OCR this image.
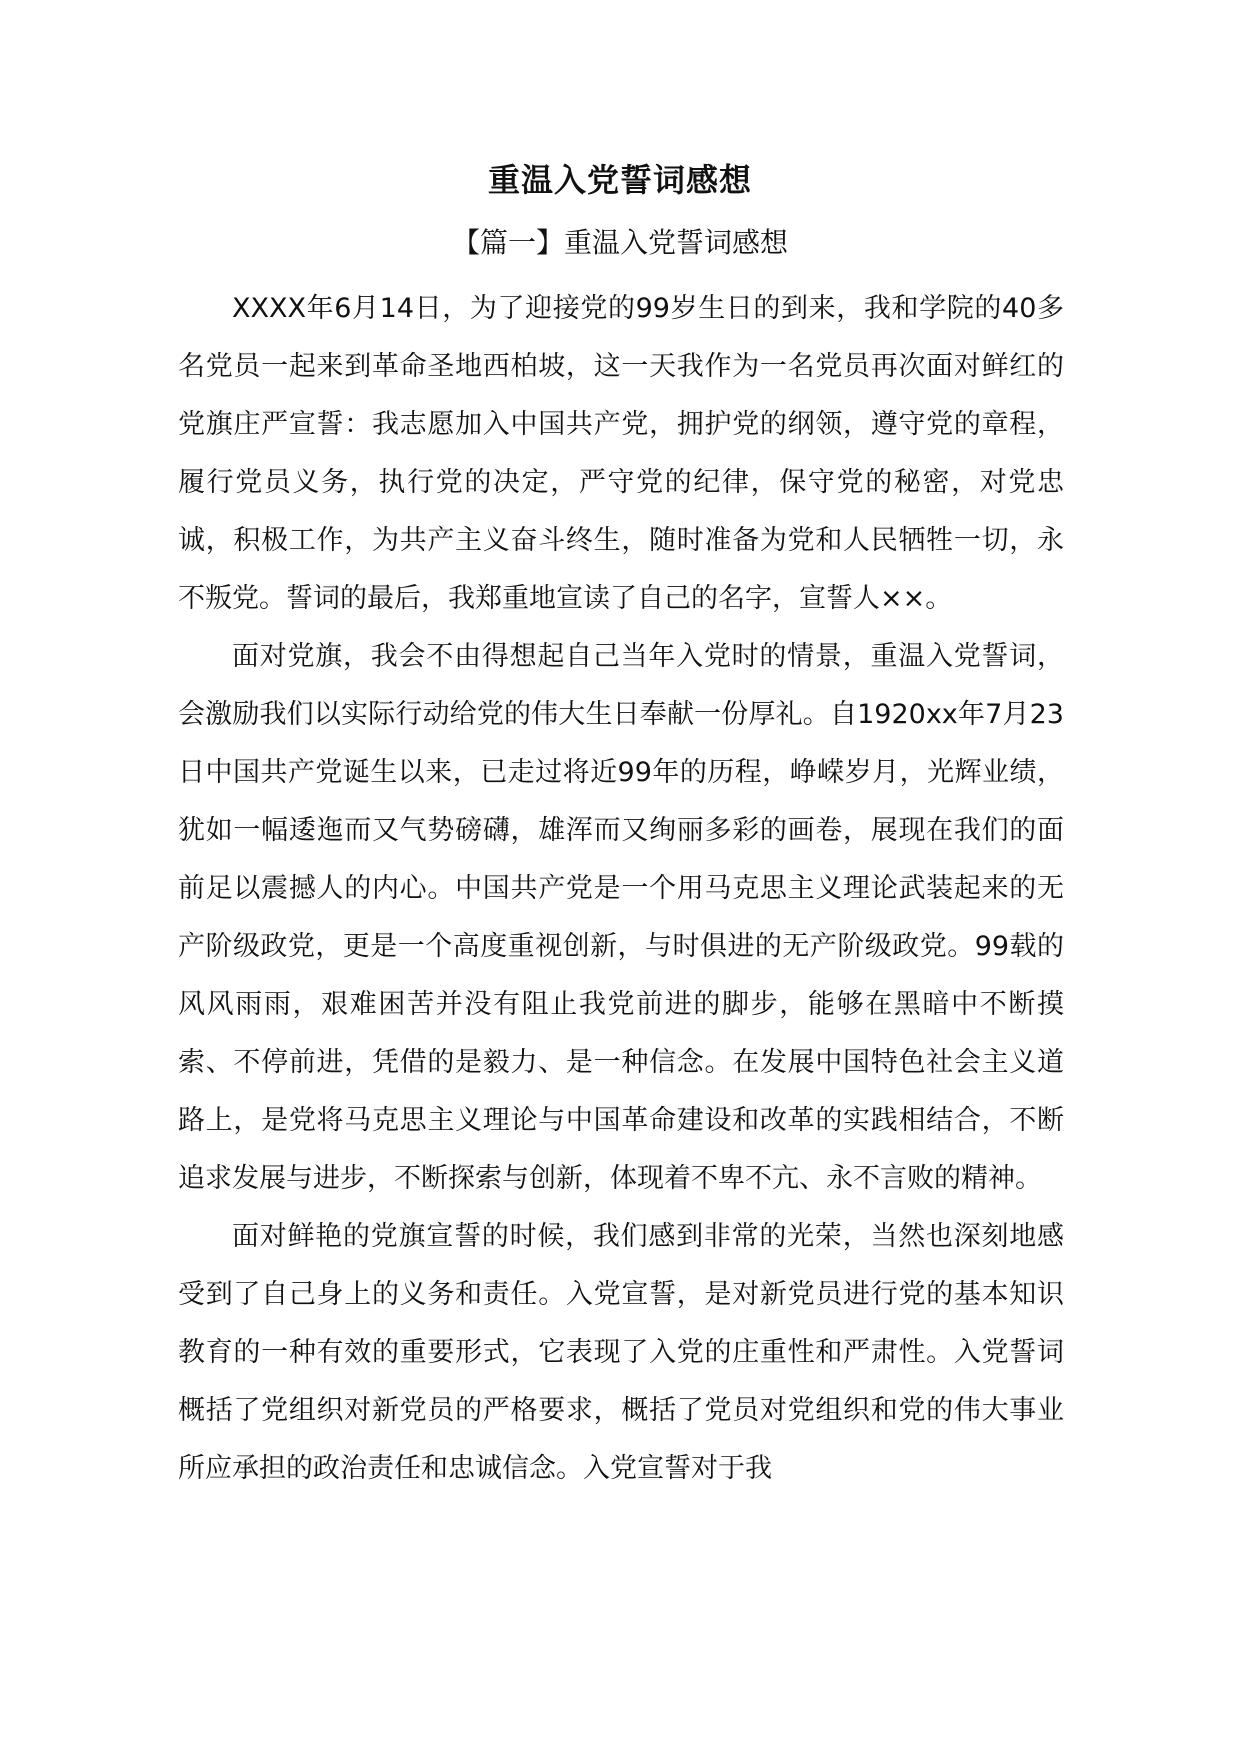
重温入党誓词感想
【篇一】重温入党誓词感想

XXXX年6月14日，为了迎接党的99岁生日的到来，我和学院的40多名党员一起来到革命圣地西柏坡，这一天我作为一名党员再次面对鲜红的党旗庄严宣誓：我志愿加入中国共产党，拥护党的纲领，遵守党的章程，履行党员义务，执行党的决定，严守党的纪律，保守党的秘密，对党忠诚，积极工作，为共产主义奋斗终生，随时准备为党和人民牺牲一切，永不叛党。誓词的最后，我郑重地宣读了自己的名字，宣誓人××。

面对党旗，我会不由得想起自己当年入党时的情景，重温入党誓词，会激励我们以实际行动给党的伟大生日奉献一份厚礼。自1920xx年7月23日中国共产党诞生以来，已走过将近99年的历程，峥嵘岁月，光辉业绩，犹如一幅逶迤而又气势磅礴，雄浑而又绚丽多彩的画卷，展现在我们的面前足以震撼人的内心。中国共产党是一个用马克思主义理论武装起来的无产阶级政党，更是一个高度重视创新，与时俱进的无产阶级政党。99载的风风雨雨，艰难困苦并没有阻止我党前进的脚步，能够在黑暗中不断摸索、不停前进，凭借的是毅力、是一种信念。在发展中国特色社会主义道路上，是党将马克思主义理论与中国革命建设和改革的实践相结合，不断追求发展与进步，不断探索与创新，体现着不卑不亢、永不言败的精神。

面对鲜艳的党旗宣誓的时候，我们感到非常的光荣，当然也深刻地感受到了自己身上的义务和责任。入党宣誓，是对新党员进行党的基本知识教育的一种有效的重要形式，它表现了入党的庄重性和严肃性。入党誓词概括了党组织对新党员的严格要求，概括了党员对党组织和党的伟大事业所应承担的政治责任和忠诚信念。入党宣誓对于我
